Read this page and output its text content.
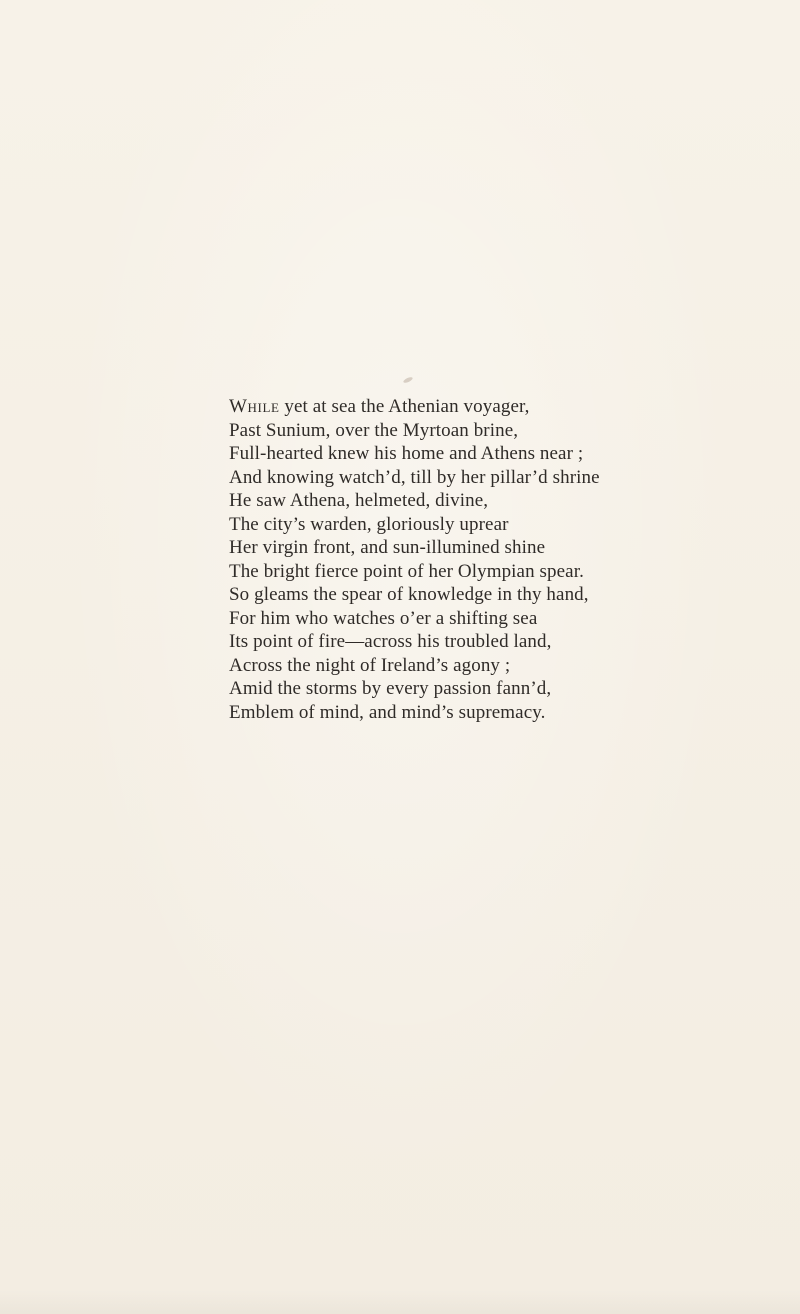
While yet at sea the Athenian voyager,
Past Sunium, over the Myrtoan brine,
Full-hearted knew his home and Athens near ;
And knowing watch’d, till by her pillar’d shrine
He saw Athena, helmeted, divine,
The city’s warden, gloriously uprear
Her virgin front, and sun-illumined shine
The bright fierce point of her Olympian spear.
So gleams the spear of knowledge in thy hand,
For him who watches o’er a shifting sea
Its point of fire—across his troubled land,
Across the night of Ireland’s agony ;
Amid the storms by every passion fann’d,
Emblem of mind, and mind’s supremacy.
